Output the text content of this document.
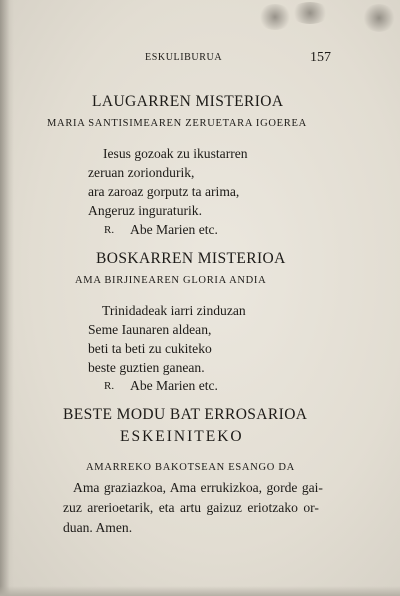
ESKULIBURUA	157
LAUGARREN MISTERIOA
MARIA SANTISIMEAREN ZERUETARA IGOEREA
Iesus gozoak zu ikustarren
zeruan zoriondurik,
ara zaroaz gorputz ta arima,
Angeruz inguraturik.
R. Abe Marien etc.
BOSKARREN MISTERIOA
AMA BIRJINEAREN GLORIA ANDIA
Trinidadeak iarri zinduzan
Seme Iaunaren aldean,
beti ta beti zu cukiteko
beste guztien ganean.
R. Abe Marien etc.
BESTE MODU BAT ERROSARIOA
ESKEINITEKO
AMARREKO BAKOTSEAN ESANGO DA
Ama graziazkoa, Ama errukizkoa, gorde gai-
zuz arerioetarik, eta artu gaizuz eriotzako or-
duan. Amen.
